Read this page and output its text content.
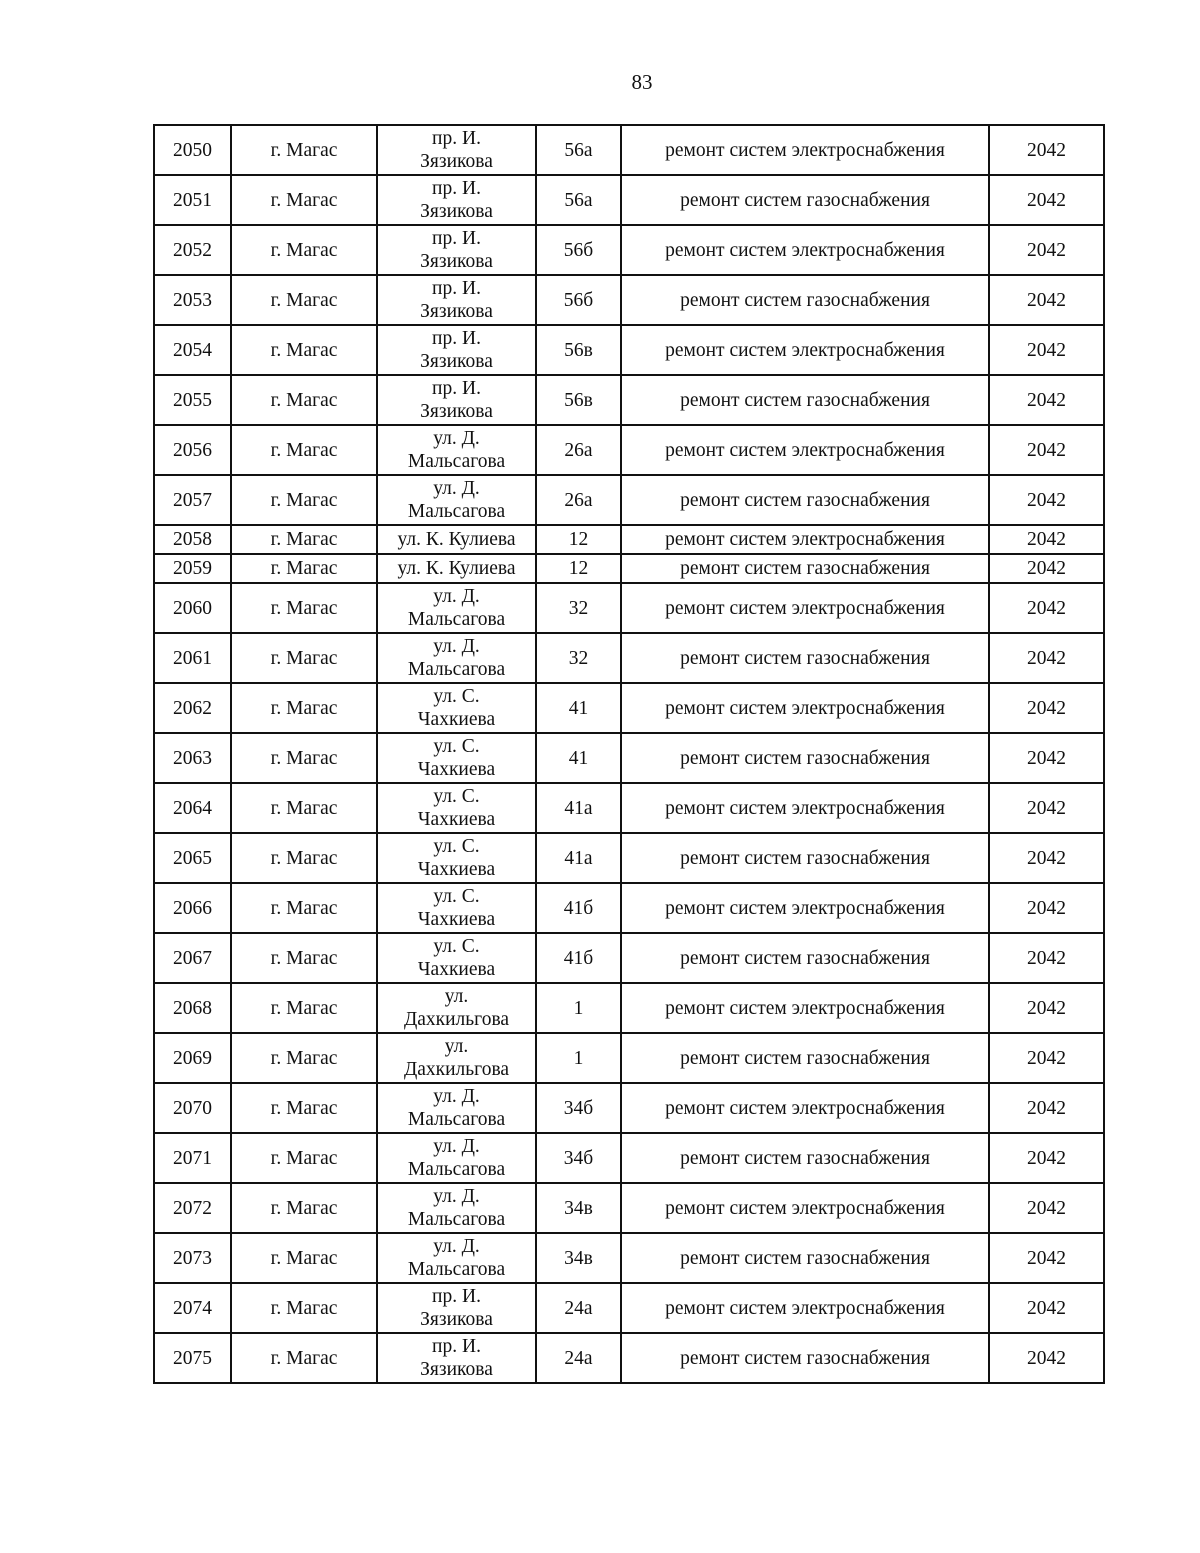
83
2050	г. Магас	пр. И.
Зязикова	56а	ремонт систем электроснабжения	2042
2051	г. Магас	пр. И.
Зязикова	56а	ремонт систем газоснабжения	2042
2052	г. Магас	пр. И.
Зязикова	56б	ремонт систем электроснабжения	2042
2053	г. Магас	пр. И.
Зязикова	56б	ремонт систем газоснабжения	2042
2054	г. Магас	пр. И.
Зязикова	56в	ремонт систем электроснабжения	2042
2055	г. Магас	пр. И.
Зязикова	56в	ремонт систем газоснабжения	2042
2056	г. Магас	ул. Д.
Мальсагова	26а	ремонт систем электроснабжения	2042
2057	г. Магас	ул. Д.
Мальсагова	26а	ремонт систем газоснабжения	2042
2058	г. Магас	ул. К. Кулиева	12	ремонт систем электроснабжения	2042
2059	г. Магас	ул. К. Кулиева	12	ремонт систем газоснабжения	2042
2060	г. Магас	ул. Д.
Мальсагова	32	ремонт систем электроснабжения	2042
2061	г. Магас	ул. Д.
Мальсагова	32	ремонт систем газоснабжения	2042
2062	г. Магас	ул. С.
Чахкиева	41	ремонт систем электроснабжения	2042
2063	г. Магас	ул. С.
Чахкиева	41	ремонт систем газоснабжения	2042
2064	г. Магас	ул. С.
Чахкиева	41а	ремонт систем электроснабжения	2042
2065	г. Магас	ул. С.
Чахкиева	41а	ремонт систем газоснабжения	2042
2066	г. Магас	ул. С.
Чахкиева	41б	ремонт систем электроснабжения	2042
2067	г. Магас	ул. С.
Чахкиева	41б	ремонт систем газоснабжения	2042
2068	г. Магас	ул.
Дахкильгова	1	ремонт систем электроснабжения	2042
2069	г. Магас	ул.
Дахкильгова	1	ремонт систем газоснабжения	2042
2070	г. Магас	ул. Д.
Мальсагова	34б	ремонт систем электроснабжения	2042
2071	г. Магас	ул. Д.
Мальсагова	34б	ремонт систем газоснабжения	2042
2072	г. Магас	ул. Д.
Мальсагова	34в	ремонт систем электроснабжения	2042
2073	г. Магас	ул. Д.
Мальсагова	34в	ремонт систем газоснабжения	2042
2074	г. Магас	пр. И.
Зязикова	24а	ремонт систем электроснабжения	2042
2075	г. Магас	пр. И.
Зязикова	24а	ремонт систем газоснабжения	2042
